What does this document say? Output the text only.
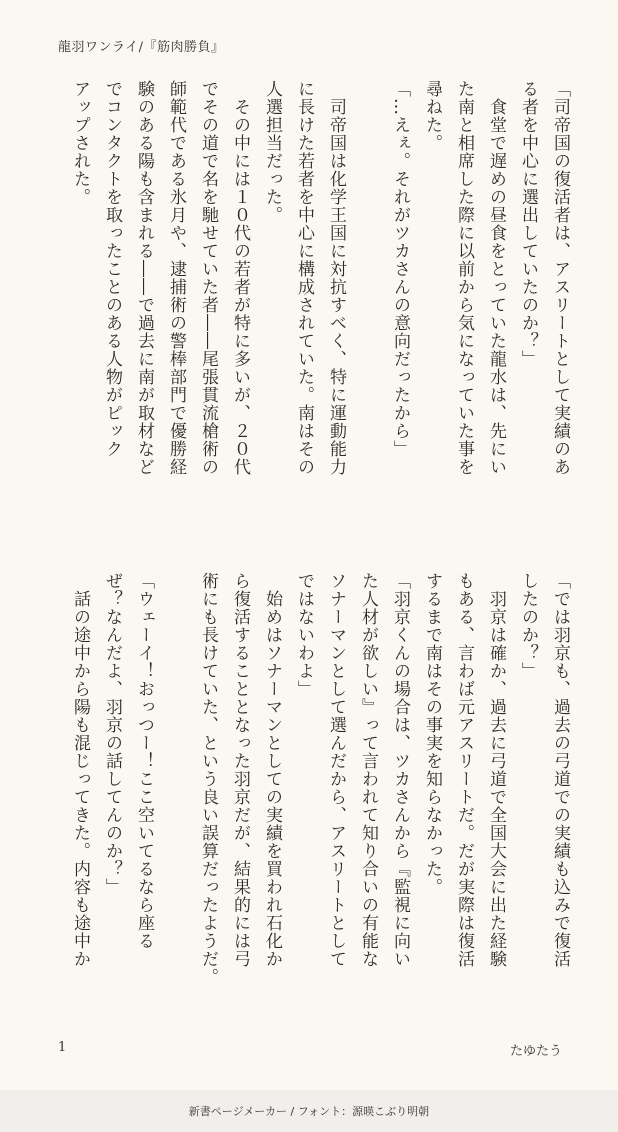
龍羽ワンライ/『筋肉勝負』

「司帝国の復活者は、アスリートとして実績のあ

る者を中心に選出していたのか？」

　食堂で遅めの昼食をとっていた龍水は、先にい

た南と相席した際に以前から気になっていた事を

尋ねた。

「…えぇ。それがツカさんの意向だったから」

　司帝国は化学王国に対抗すべく、特に運動能力

に長けた若者を中心に構成されていた。南はその

人選担当だった。

　その中には１０代の若者が特に多いが、２０代

でその道で名を馳せていた者――尾張貫流槍術の

師範代である氷月や、逮捕術の警棒部門で優勝経

験のある陽も含まれる――で過去に南が取材など

でコンタクトを取ったことのある人物がピック

アップされた。

「では羽京も、過去の弓道での実績も込みで復活

したのか？」

　羽京は確か、過去に弓道で全国大会に出た経験

もある、言わば元アスリートだ。だが実際は復活

するまで南はその事実を知らなかった。

「羽京くんの場合は、ツカさんから『監視に向い

た人材が欲しい』って言われて知り合いの有能な

ソナーマンとして選んだから、アスリートとして

ではないわよ」

　始めはソナーマンとしての実績を買われ石化か

ら復活することとなった羽京だが、結果的には弓

術にも長けていた、という良い誤算だったようだ。

「ウェーイ！おっつー！ここ空いてるなら座る

ぜ？なんだよ、羽京の話してんのか？」

　話の途中から陽も混じってきた。内容も途中か

1	たゆたう
新書ページメーカー / フォント：源暎こぶり明朝
